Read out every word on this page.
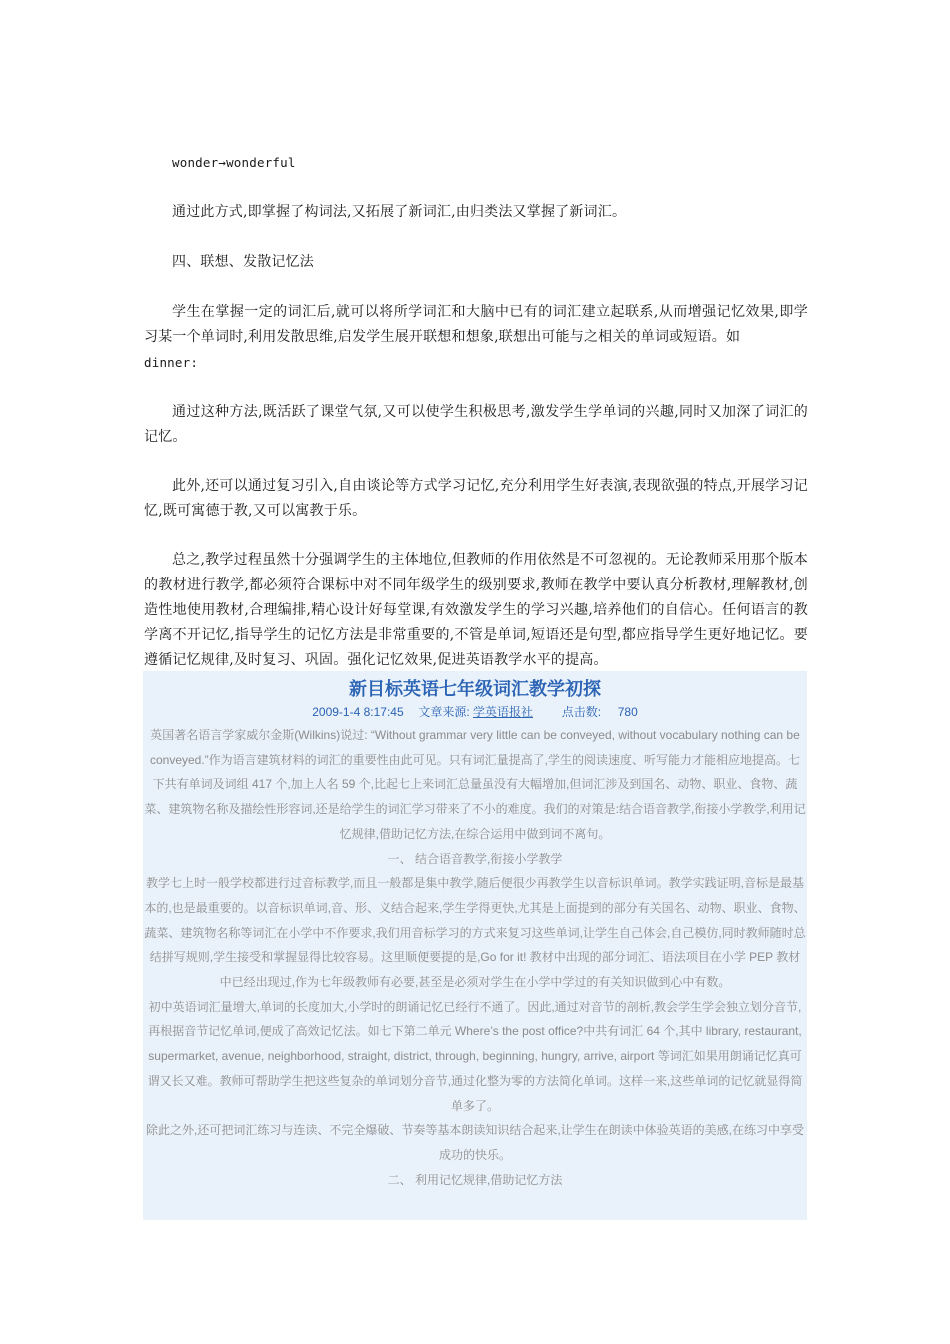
wonder→wonderful

通过此方式,即掌握了构词法,又拓展了新词汇,由归类法又掌握了新词汇。

四、联想、发散记忆法

学生在掌握一定的词汇后,就可以将所学词汇和大脑中已有的词汇建立起联系,从而增强记忆效果,即学习某一个单词时,利用发散思维,启发学生展开联想和想象,联想出可能与之相关的单词或短语。如
dinner:

通过这种方法,既活跃了课堂气氛,又可以使学生积极思考,激发学生学单词的兴趣,同时又加深了词汇的记忆。

此外,还可以通过复习引入,自由谈论等方式学习记忆,充分利用学生好表演,表现欲强的特点,开展学习记忆,既可寓德于教,又可以寓教于乐。

总之,教学过程虽然十分强调学生的主体地位,但教师的作用依然是不可忽视的。无论教师采用那个版本的教材进行教学,都必须符合课标中对不同年级学生的级别要求,教师在教学中要认真分析教材,理解教材,创造性地使用教材,合理编排,精心设计好每堂课,有效激发学生的学习兴趣,培养他们的自信心。任何语言的教学离不开记忆,指导学生的记忆方法是非常重要的,不管是单词,短语还是句型,都应指导学生更好地记忆。要遵循记忆规律,及时复习、巩固。强化记忆效果,促进英语教学水平的提高。

新目标英语七年级词汇教学初探
2009-1-4 8:17:45 文章来源: 学英语报社 点击数: 780

英国著名语言学家威尔金斯(Wilkins)说过: “Without grammar very little can be conveyed, without vocabulary nothing can be conveyed.”作为语言建筑材料的词汇的重要性由此可见。只有词汇量提高了,学生的阅读速度、听写能力才能相应地提高。七下共有单词及词组 417 个,加上人名 59 个,比起七上来词汇总量虽没有大幅增加,但词汇涉及到国名、动物、职业、食物、蔬菜、建筑物名称及描绘性形容词,还是给学生的词汇学习带来了不小的难度。我们的对策是:结合语音教学,衔接小学教学,利用记忆规律,借助记忆方法,在综合运用中做到词不离句。

一、 结合语音教学,衔接小学教学

教学七上时一般学校都进行过音标教学,而且一般都是集中教学,随后便很少再教学生以音标识单词。教学实践证明,音标是最基本的,也是最重要的。以音标识单词,音、形、义结合起来,学生学得更快,尤其是上面提到的部分有关国名、动物、职业、食物、蔬菜、建筑物名称等词汇在小学中不作要求,我们用音标学习的方式来复习这些单词,让学生自己体会,自己模仿,同时教师随时总结拼写规则,学生接受和掌握显得比较容易。这里顺便要提的是,Go for it! 教材中出现的部分词汇、语法项目在小学 PEP 教材中已经出现过,作为七年级教师有必要,甚至是必须对学生在小学中学过的有关知识做到心中有数。

初中英语词汇量增大,单词的长度加大,小学时的朗诵记忆已经行不通了。因此,通过对音节的剖析,教会学生学会独立划分音节,再根据音节记忆单词,便成了高效记忆法。如七下第二单元 Where’s the post office?中共有词汇 64 个,其中 library, restaurant, supermarket, avenue, neighborhood, straight, district, through, beginning, hungry, arrive, airport 等词汇如果用朗诵记忆真可谓又长又难。教师可帮助学生把这些复杂的单词划分音节,通过化整为零的方法简化单词。这样一来,这些单词的记忆就显得简单多了。

除此之外,还可把词汇练习与连读、不完全爆破、节奏等基本朗读知识结合起来,让学生在朗读中体验英语的美感,在练习中享受成功的快乐。

二、 利用记忆规律,借助记忆方法
